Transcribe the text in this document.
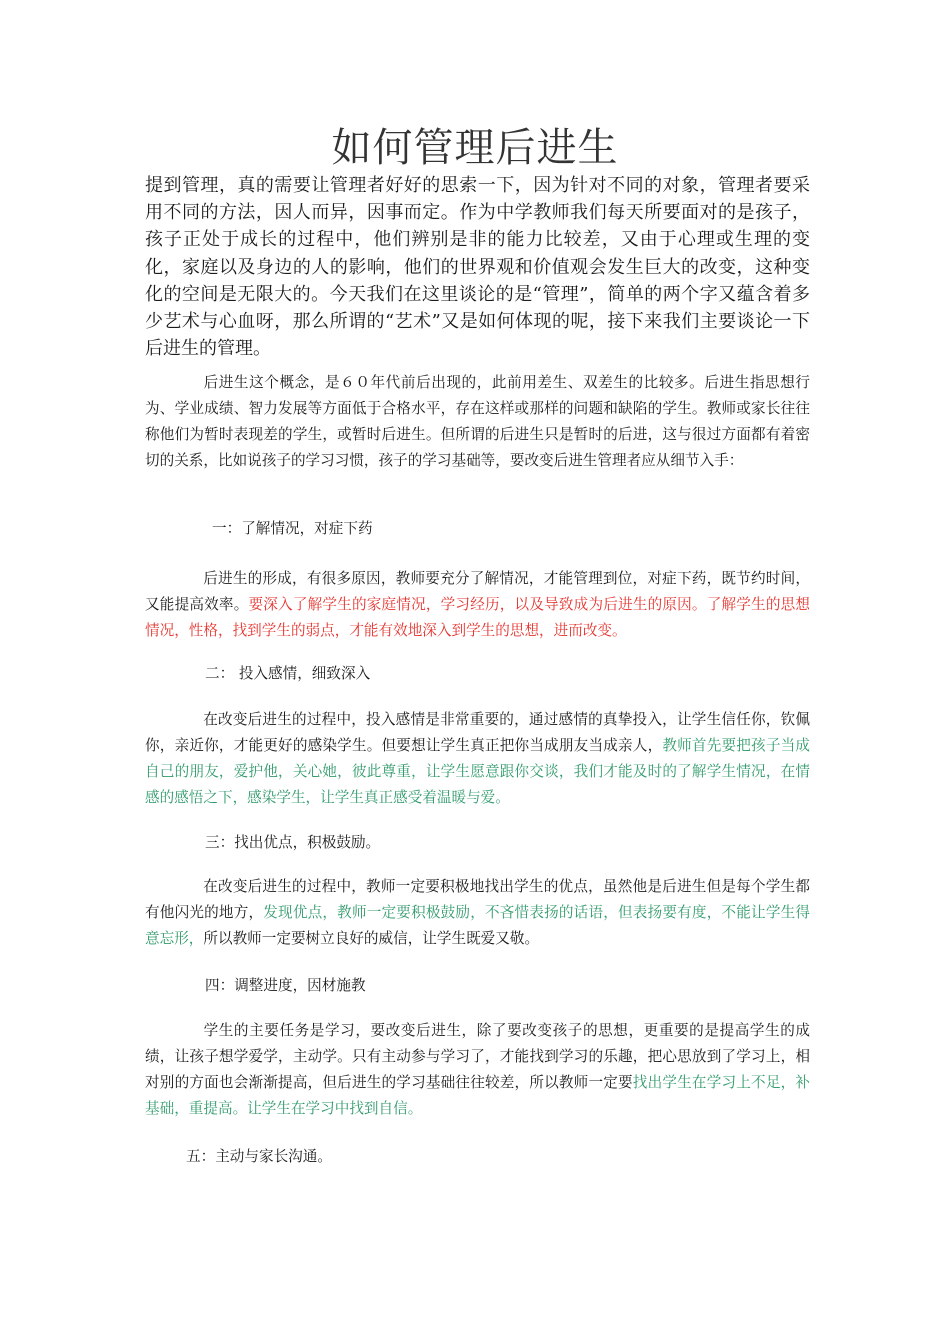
如何管理后进生

提到管理，真的需要让管理者好好的思索一下，因为针对不同的对象，管理者要采用不同的方法，因人而异，因事而定。作为中学教师我们每天所要面对的是孩子，孩子正处于成长的过程中，他们辨别是非的能力比较差，又由于心理或生理的变化，家庭以及身边的人的影响，他们的世界观和价值观会发生巨大的改变，这种变化的空间是无限大的。今天我们在这里谈论的是“管理”，简单的两个字又蕴含着多少艺术与心血呀，那么所谓的“艺术”又是如何体现的呢，接下来我们主要谈论一下后进生的管理。

后进生这个概念，是６０年代前后出现的，此前用差生、双差生的比较多。后进生指思想行为、学业成绩、智力发展等方面低于合格水平，存在这样或那样的问题和缺陷的学生。教师或家长往往称他们为暂时表现差的学生，或暂时后进生。但所谓的后进生只是暂时的后进，这与很过方面都有着密切的关系，比如说孩子的学习习惯，孩子的学习基础等，要改变后进生管理者应从细节入手：

一：了解情况，对症下药

后进生的形成，有很多原因，教师要充分了解情况，才能管理到位，对症下药，既节约时间，又能提高效率。要深入了解学生的家庭情况，学习经历，以及导致成为后进生的原因。了解学生的思想情况，性格，找到学生的弱点，才能有效地深入到学生的思想，进而改变。

二： 投入感情，细致深入

在改变后进生的过程中，投入感情是非常重要的，通过感情的真挚投入，让学生信任你，钦佩你，亲近你，才能更好的感染学生。但要想让学生真正把你当成朋友当成亲人，教师首先要把孩子当成自己的朋友，爱护他，关心她，彼此尊重，让学生愿意跟你交谈，我们才能及时的了解学生情况，在情感的感悟之下，感染学生，让学生真正感受着温暖与爱。

三：找出优点，积极鼓励。

在改变后进生的过程中，教师一定要积极地找出学生的优点，虽然他是后进生但是每个学生都有他闪光的地方，发现优点，教师一定要积极鼓励，不吝惜表扬的话语，但表扬要有度，不能让学生得意忘形，所以教师一定要树立良好的威信，让学生既爱又敬。

四：调整进度，因材施教

学生的主要任务是学习，要改变后进生，除了要改变孩子的思想，更重要的是提高学生的成绩，让孩子想学爱学，主动学。只有主动参与学习了，才能找到学习的乐趣，把心思放到了学习上，相对别的方面也会渐渐提高，但后进生的学习基础往往较差，所以教师一定要找出学生在学习上不足，补基础，重提高。让学生在学习中找到自信。

五：主动与家长沟通。
